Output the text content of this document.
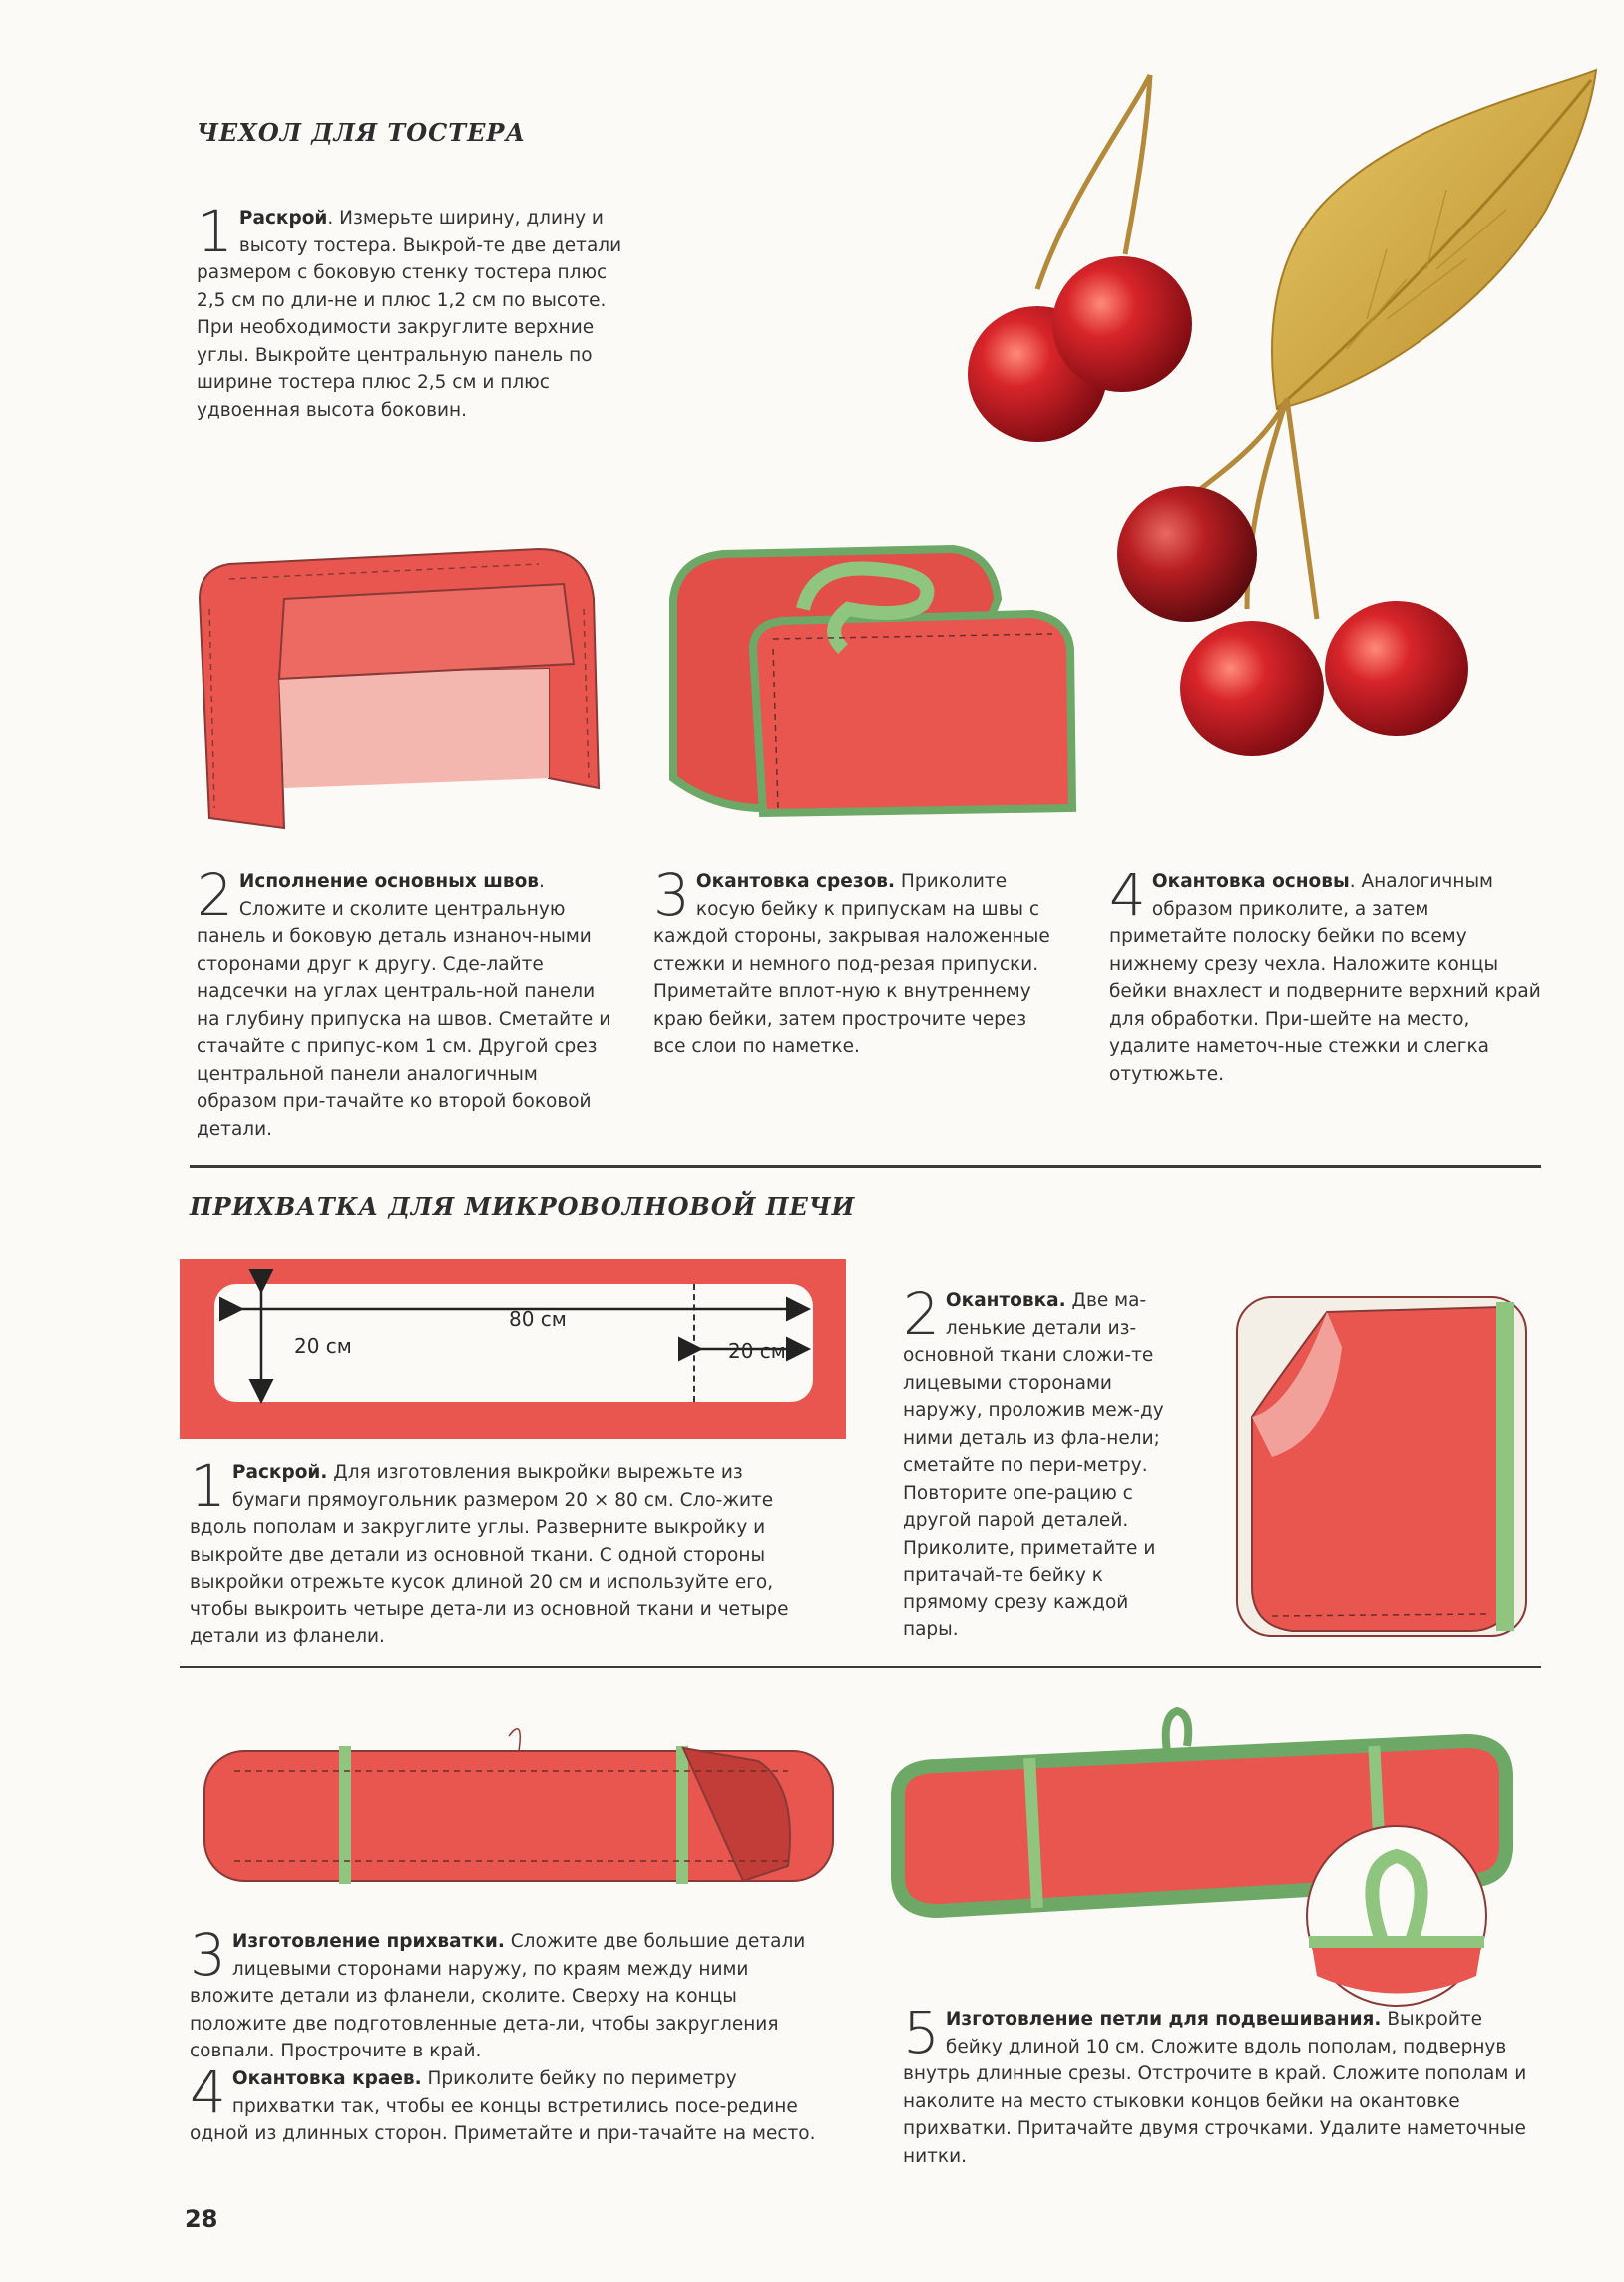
ЧЕХОЛ ДЛЯ ТОСТЕРА
1 Раскрой. Измерьте ширину, длину и высоту тостера. Выкрой-те две детали размером с боковую стенку тостера плюс 2,5 см по дли-не и плюс 1,2 см по высоте. При необходимости закруглите верхние углы. Выкройте центральную панель по ширине тостера плюс 2,5 см и плюс удвоенная высота боковин.
2 Исполнение основных швов. Сложите и сколите центральную панель и боковую деталь изнаноч-ными сторонами друг к другу. Сде-лайте надсечки на углах централь-ной панели на глубину припуска на швов. Сметайте и стачайте с припус-ком 1 см. Другой срез центральной панели аналогичным образом при-тачайте ко второй боковой детали.
3 Окантовка срезов. Приколите косую бейку к припускам на швы с каждой стороны, закрывая наложенные стежки и немного под-резая припуски. Приметайте вплот-ную к внутреннему краю бейки, затем прострочите через все слои по наметке.
4 Окантовка основы. Аналогичным образом приколите, а затем приметайте полоску бейки по всему нижнему срезу чехла. Наложите концы бейки внахлест и подверните верхний край для обработки. При-шейте на место, удалите наметоч-ные стежки и слегка отутюжьте.
ПРИХВАТКА ДЛЯ МИКРОВОЛНОВОЙ ПЕЧИ
80 см
20 см	20 см
1 Раскрой. Для изготовления выкройки вырежьте из бумаги прямоугольник размером 20 × 80 см. Сло-жите вдоль пополам и закруглите углы. Разверните выкройку и выкройте две детали из основной ткани. С одной стороны выкройки отрежьте кусок длиной 20 см и используйте его, чтобы выкроить четыре дета-ли из основной ткани и четыре детали из фланели.
2 Окантовка. Две ма-ленькие детали из-основной ткани сложи-те лицевыми сторонами наружу, проложив меж-ду ними деталь из фла-нели; сметайте по пери-метру. Повторите опе-рацию с другой парой деталей. Приколите, приметайте и притачай-те бейку к прямому срезу каждой пары.
3 Изготовление прихватки. Сложите две большие детали лицевыми сторонами наружу, по краям между ними вложите детали из фланели, сколите. Сверху на концы положите две подготовленные дета-ли, чтобы закругления совпали. Прострочите в край.
4 Окантовка краев. Приколите бейку по периметру прихватки так, чтобы ее концы встретились посе-редине одной из длинных сторон. Приметайте и при-тачайте на место.
5 Изготовление петли для подвешивания. Выкройте бейку длиной 10 см. Сложите вдоль пополам, подвернув внутрь длинные срезы. Отстрочите в край. Сложите пополам и наколите на место стыковки концов бейки на окантовке прихватки. Притачайте двумя строчками. Удалите наметочные нитки.
28
